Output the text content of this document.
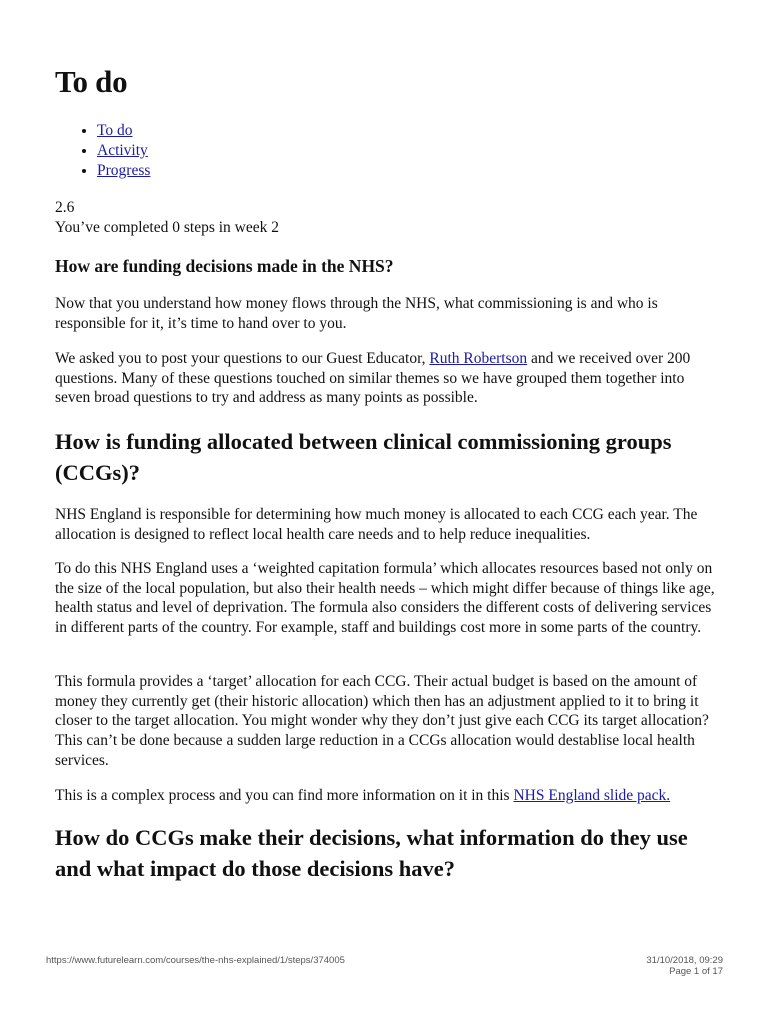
To do
• To do
• Activity
• Progress
2.6
You’ve completed 0 steps in week 2
How are funding decisions made in the NHS?

Now that you understand how money flows through the NHS, what commissioning is and who is responsible for it, it’s time to hand over to you.

We asked you to post your questions to our Guest Educator, Ruth Robertson and we received over 200 questions. Many of these questions touched on similar themes so we have grouped them together into seven broad questions to try and address as many points as possible.

How is funding allocated between clinical commissioning groups (CCGs)?

NHS England is responsible for determining how much money is allocated to each CCG each year. The allocation is designed to reflect local health care needs and to help reduce inequalities.

To do this NHS England uses a ‘weighted capitation formula’ which allocates resources based not only on the size of the local population, but also their health needs – which might differ because of things like age, health status and level of deprivation. The formula also considers the different costs of delivering services in different parts of the country. For example, staff and buildings cost more in some parts of the country.

This formula provides a ‘target’ allocation for each CCG. Their actual budget is based on the amount of money they currently get (their historic allocation) which then has an adjustment applied to it to bring it closer to the target allocation. You might wonder why they don’t just give each CCG its target allocation? This can’t be done because a sudden large reduction in a CCGs allocation would destablise local health services.

This is a complex process and you can find more information on it in this NHS England slide pack.

How do CCGs make their decisions, what information do they use and what impact do those decisions have?
https://www.futurelearn.com/courses/the-nhs-explained/1/steps/374005	31/10/2018, 09:29
Page 1 of 17
